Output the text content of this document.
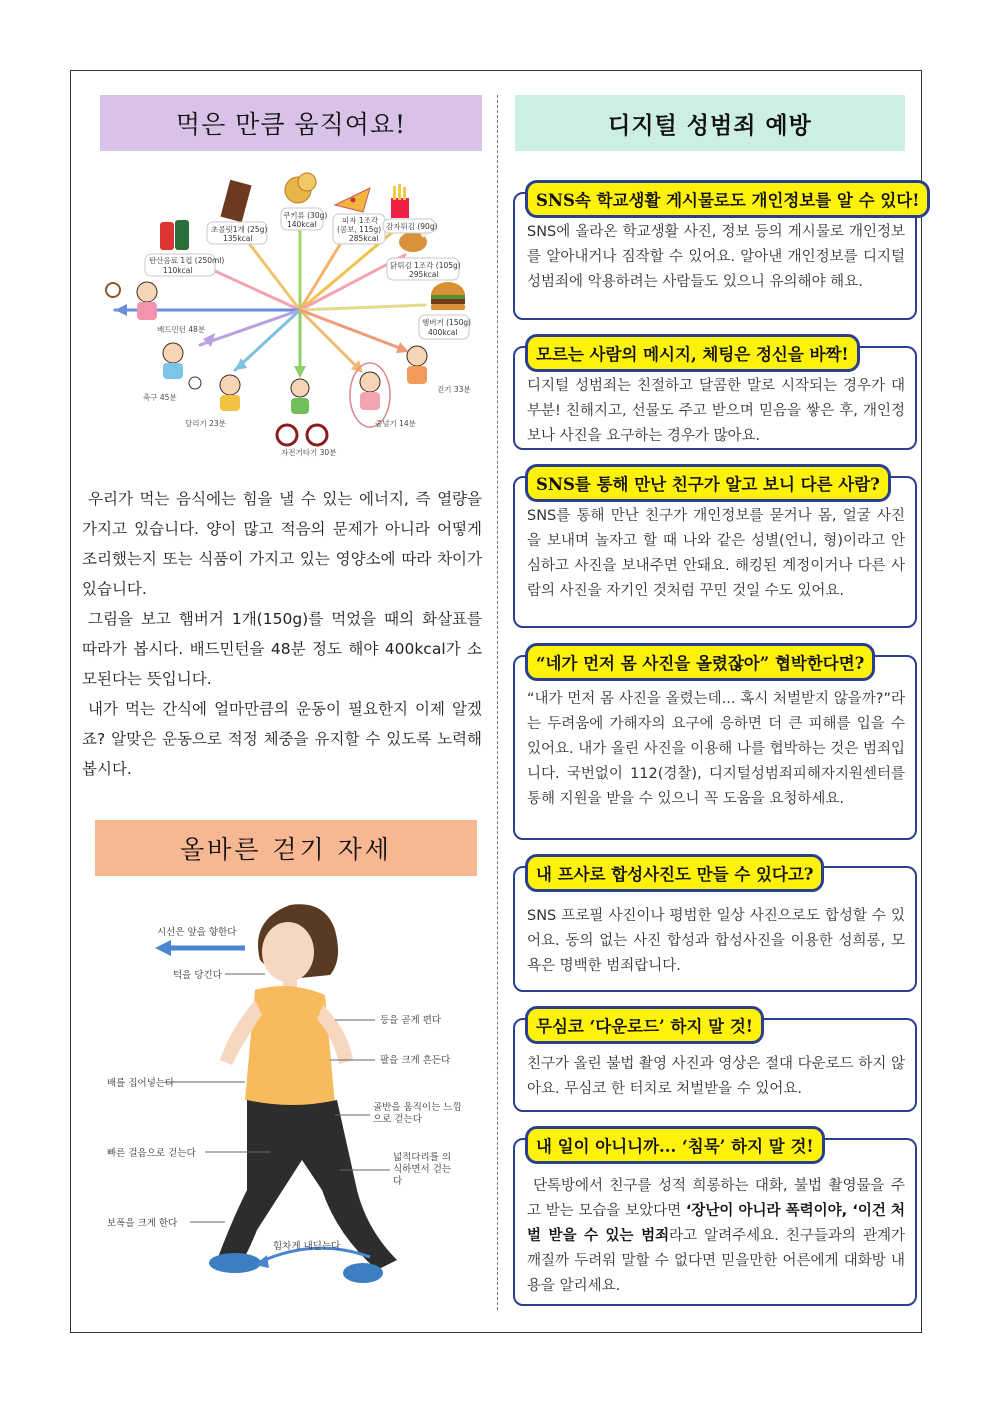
먹은 만큼 움직여요!
탄산음료 1컵 (250ml)
110kcal
초콜릿1개 (25g)
135kcal
쿠키류 (30g)
140kcal	피자 1조각
(콤보, 115g)
285kcal
감자튀김 (90g)
닭튀김 1조각 (105g)
295kcal
햄버거 (150g)
400kcal
배드민턴 48분
축구 45분
달리기 23분
자전거타기 30분
줄넘기 14분
걷기 33분

우리가 먹는 음식에는 힘을 낼 수 있는 에너지, 즉 열량을 가지고 있습니다. 양이 많고 적음의 문제가 아니라 어떻게 조리했는지 또는 식품이 가지고 있는 영양소에 따라 차이가 있습니다.

그림을 보고 햄버거 1개(150g)를 먹었을 때의 화살표를 따라가 봅시다. 배드민턴을 48분 정도 해야 400kcal가 소모된다는 뜻입니다.

내가 먹는 간식에 얼마만큼의 운동이 필요한지 이제 알겠죠? 알맞은 운동으로 적정 체중을 유지할 수 있도록 노력해 봅시다.

올바른 걷기 자세
시선은 앞을 향한다
턱을 당긴다
등을 곧게 편다
팔을 크게 흔든다
배를 집어넣는다
골반을 움직이는 느낌으로 걷는다
빠른 걸음으로 걷는다	넓적다리를 의식하면서 걷는다
보폭을 크게 한다
힘차게 내딛는다
디지털 성범죄 예방
SNS속 학교생활 게시물로도 개인정보를 알 수 있다!
SNS에 올라온 학교생활 사진, 정보 등의 게시물로 개인정보를 알아내거나 짐작할 수 있어요. 알아낸 개인정보를 디지털 성범죄에 악용하려는 사람들도 있으니 유의해야 해요.
모르는 사람의 메시지, 체팅은 정신을 바짝!
디지털 성범죄는 친절하고 달콤한 말로 시작되는 경우가 대부분! 친해지고, 선물도 주고 받으며 믿음을 쌓은 후, 개인정보나 사진을 요구하는 경우가 많아요.
SNS를 통해 만난 친구가 알고 보니 다른 사람?
SNS를 통해 만난 친구가 개인정보를 묻거나 몸, 얼굴 사진을 보내며 놀자고 할 때 나와 같은 성별(언니, 형)이라고 안심하고 사진을 보내주면 안돼요. 해킹된 계정이거나 다른 사람의 사진을 자기인 것처럼 꾸민 것일 수도 있어요.
“네가 먼저 몸 사진을 올렸잖아” 협박한다면?
“내가 먼저 몸 사진을 올렸는데... 혹시 처벌받지 않을까?”라는 두려움에 가해자의 요구에 응하면 더 큰 피해를 입을 수 있어요. 내가 올린 사진을 이용해 나를 협박하는 것은 범죄입니다. 국번없이 112(경찰), 디지털성범죄피해자지원센터를 통해 지원을 받을 수 있으니 꼭 도움을 요청하세요.
내 프사로 합성사진도 만들 수 있다고?
SNS 프로필 사진이나 평범한 일상 사진으로도 합성할 수 있어요. 동의 없는 사진 합성과 합성사진을 이용한 성희롱, 모욕은 명백한 범죄랍니다.
무심코 ‘다운로드’ 하지 말 것!
친구가 올린 불법 촬영 사진과 영상은 절대 다운로드 하지 않아요. 무심코 한 터치로 처벌받을 수 있어요.
내 일이 아니니까... ‘침묵’ 하지 말 것!
단톡방에서 친구를 성적 희롱하는 대화, 불법 촬영물을 주고 받는 모습을 보았다면 ‘장난이 아니라 폭력이야, ‘이건 처벌 받을 수 있는 범죄라고 알려주세요. 친구들과의 관계가 깨질까 두려워 말할 수 없다면 믿을만한 어른에게 대화방 내용을 알리세요.
